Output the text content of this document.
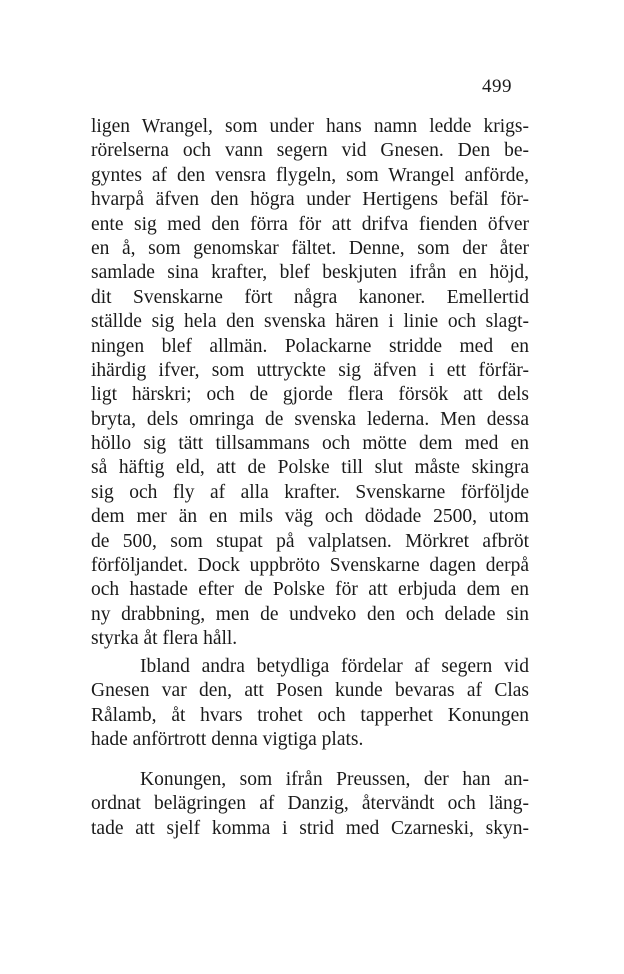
499
ligen Wrangel, som under hans namn ledde krigs-
rörelserna och vann segern vid Gnesen. Den be-
gyntes af den vensra flygeln, som Wrangel anförde,
hvarpå äfven den högra under Hertigens befäl för-
ente sig med den förra för att drifva fienden öfver
en å, som genomskar fältet. Denne, som der åter
samlade sina krafter, blef beskjuten ifrån en höjd,
dit Svenskarne fört några kanoner. Emellertid
ställde sig hela den svenska hären i linie och slagt-
ningen blef allmän. Polackarne stridde med en
ihärdig ifver, som uttryckte sig äfven i ett förfär-
ligt härskri; och de gjorde flera försök att dels
bryta, dels omringa de svenska lederna. Men dessa
höllo sig tätt tillsammans och mötte dem med en
så häftig eld, att de Polske till slut måste skingra
sig och fly af alla krafter. Svenskarne förföljde
dem mer än en mils väg och dödade 2500, utom
de 500, som stupat på valplatsen. Mörkret afbröt
förföljandet. Dock uppbröto Svenskarne dagen derpå
och hastade efter de Polske för att erbjuda dem en
ny drabbning, men de undveko den och delade sin
styrka åt flera håll.
Ibland andra betydliga fördelar af segern vid
Gnesen var den, att Posen kunde bevaras af Clas
Rålamb, åt hvars trohet och tapperhet Konungen
hade anförtrott denna vigtiga plats.
Konungen, som ifrån Preussen, der han an-
ordnat belägringen af Danzig, återvändt och läng-
tade att sjelf komma i strid med Czarneski, skyn-
